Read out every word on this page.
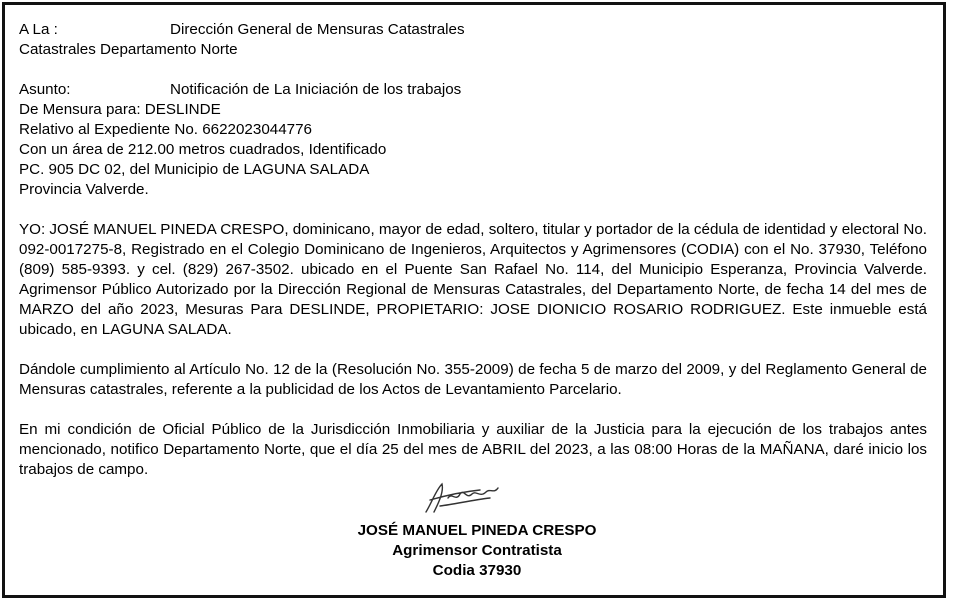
A La :	Dirección General de Mensuras Catastrales
Catastrales Departamento Norte
Asunto:	Notificación de La Iniciación de los trabajos
De Mensura para: DESLINDE
Relativo al Expediente No. 6622023044776
Con un área de 212.00 metros cuadrados, Identificado
PC. 905 DC 02, del Municipio de LAGUNA SALADA
Provincia Valverde.
YO: JOSÉ MANUEL PINEDA CRESPO, dominicano, mayor de edad, soltero, titular y portador de la cédula de identidad y electoral No. 092-0017275-8, Registrado en el Colegio Dominicano de Ingenieros, Arquitectos y Agrimensores (CODIA) con el No. 37930, Teléfono (809) 585-9393. y cel. (829) 267-3502. ubicado en el Puente San Rafael No. 114, del Municipio Esperanza, Provincia Valverde. Agrimensor Público Autorizado por la Dirección Regional de Mensuras Catastrales, del Departamento Norte, de fecha 14 del mes de MARZO del año 2023, Mesuras Para DESLINDE, PROPIETARIO: JOSE DIONICIO ROSARIO RODRIGUEZ. Este inmueble está ubicado, en LAGUNA SALADA.
Dándole cumplimiento al Artículo No. 12 de la (Resolución No. 355-2009) de fecha 5 de marzo del 2009, y del Reglamento General de Mensuras catastrales, referente a la publicidad de los Actos de Levantamiento Parcelario.
En mi condición de Oficial Público de la Jurisdicción Inmobiliaria y auxiliar de la Justicia para la ejecución de los trabajos antes mencionado, notifico Departamento Norte, que el día 25 del mes de ABRIL del 2023, a las 08:00 Horas de la MAÑANA, daré inicio los trabajos de campo.
JOSÉ MANUEL PINEDA CRESPO
Agrimensor Contratista
Codia 37930
